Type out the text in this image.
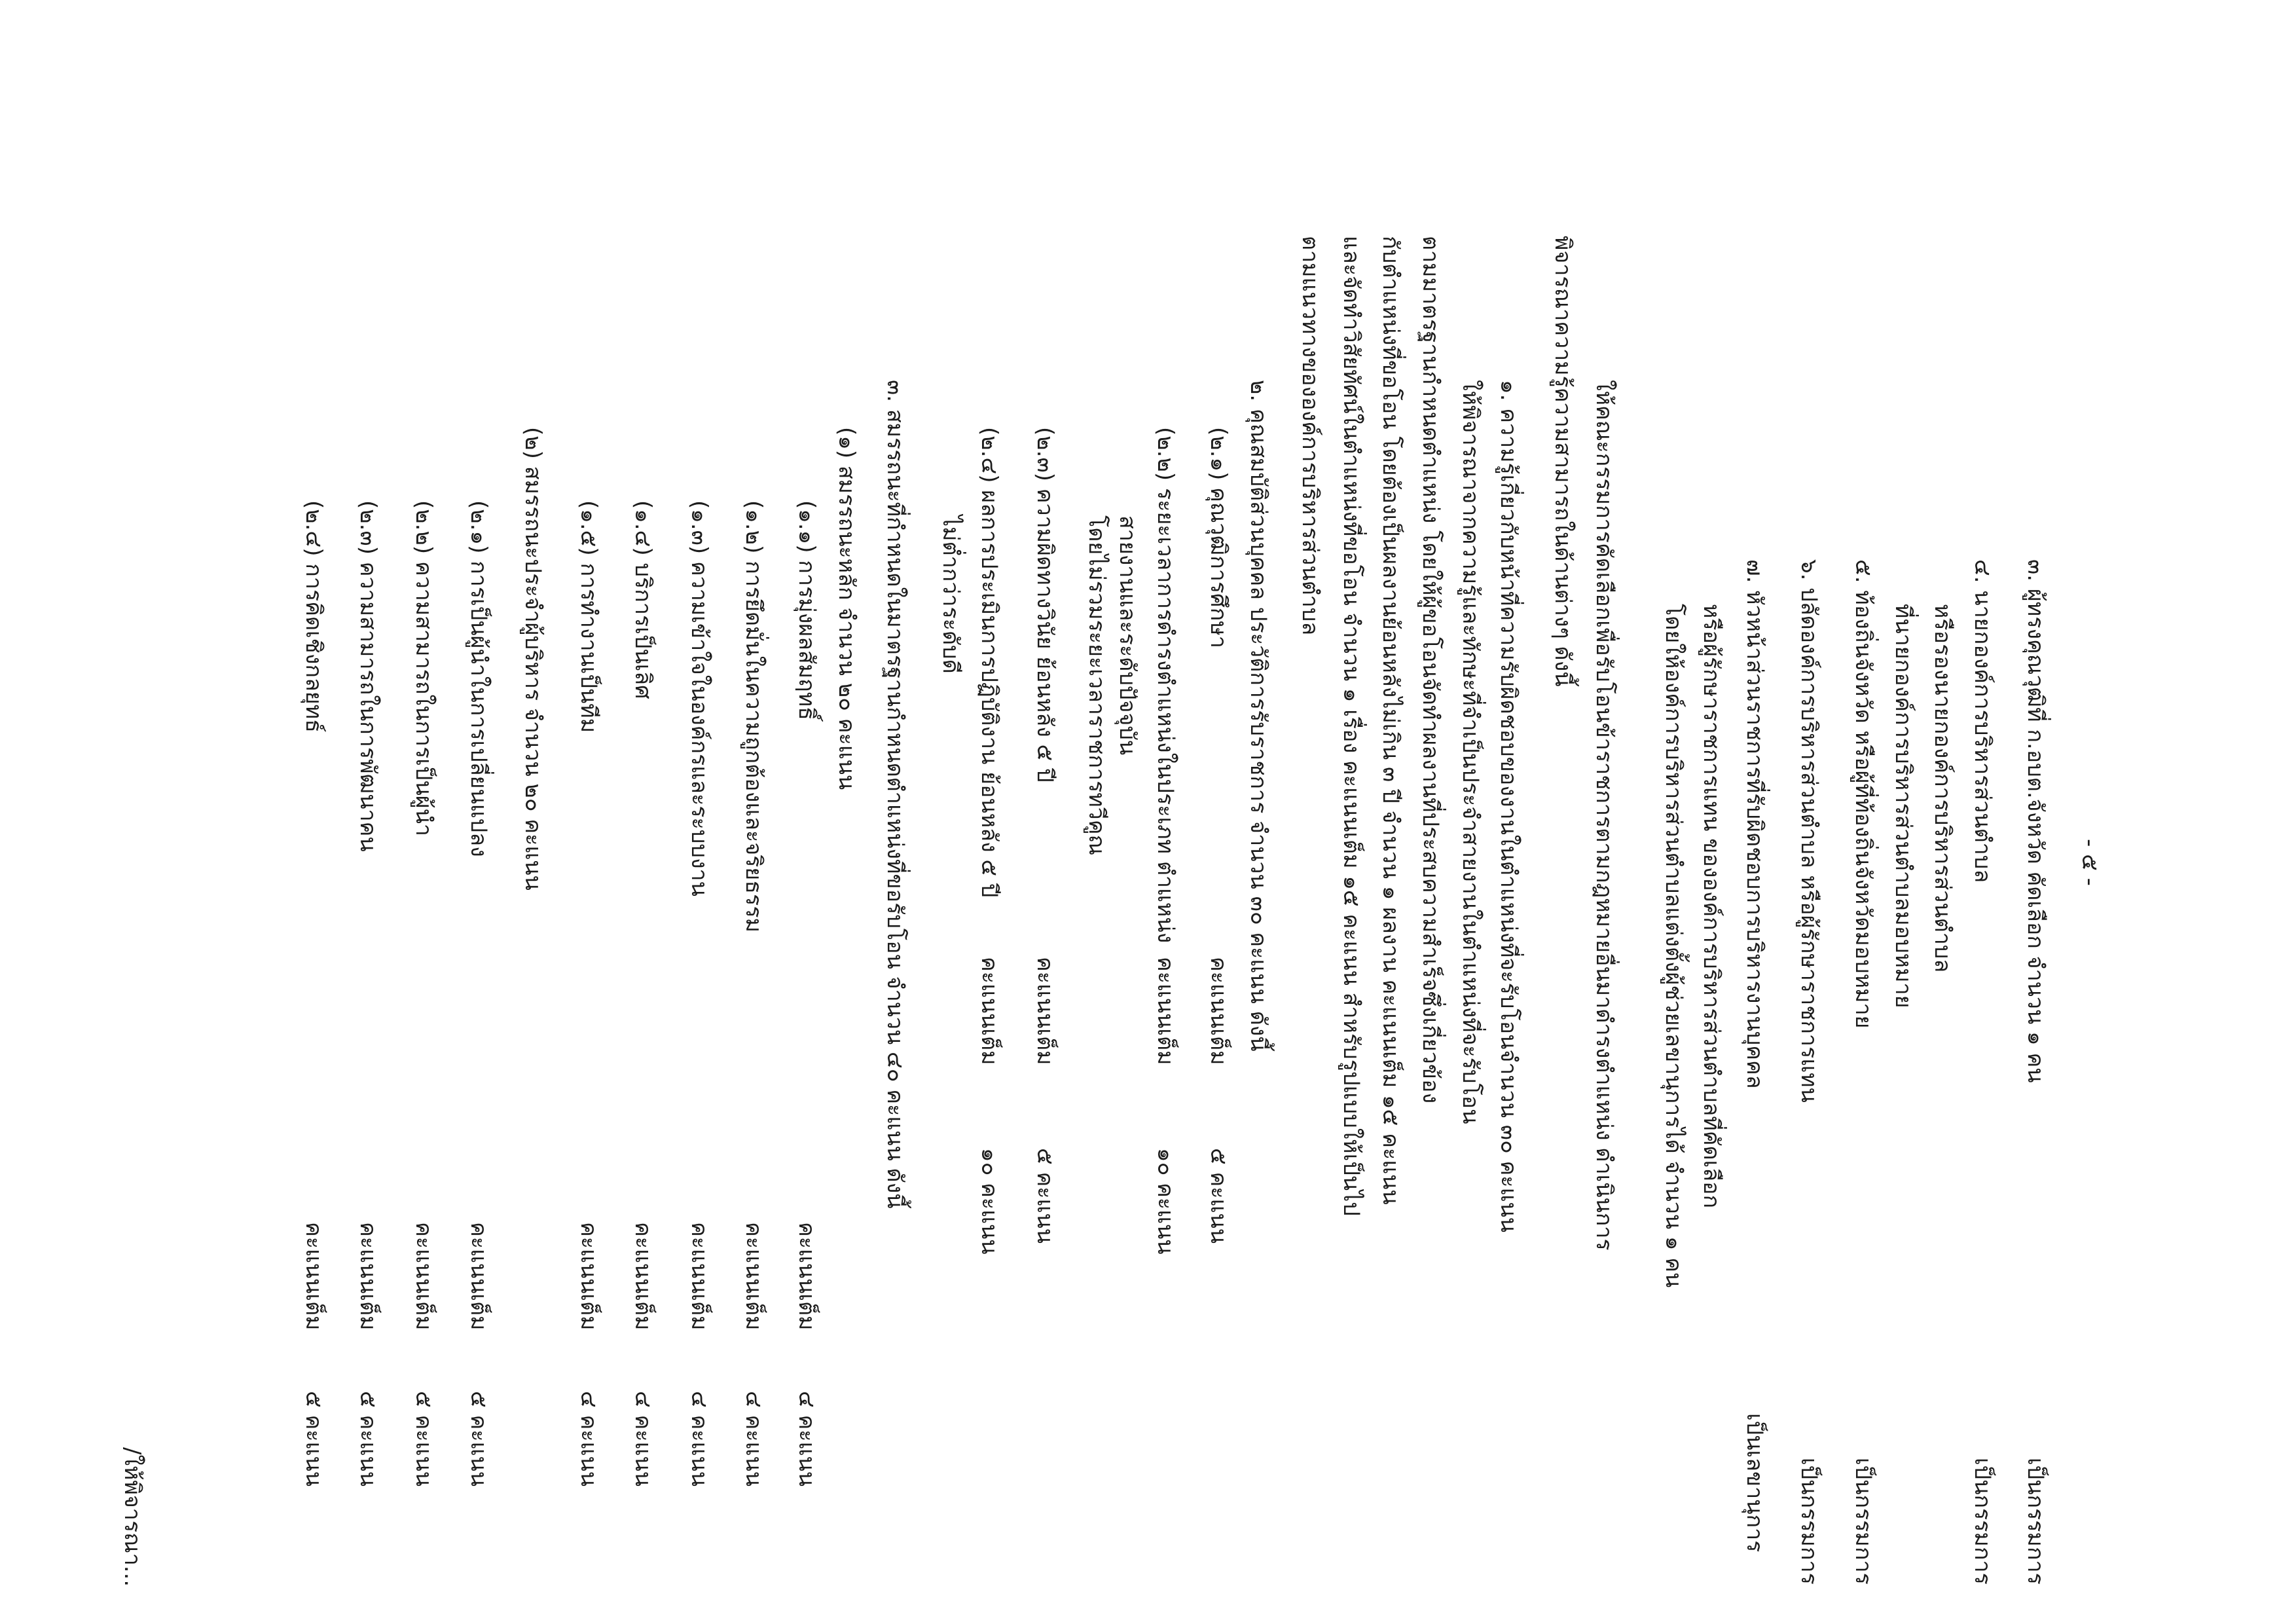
- ๕ -
๓. ผู้ทรงคุณวุฒิที่ ก.อบต.จังหวัด คัดเลือก จำนวน ๑ คน
เป็นกรรมการ
๔. นายกองค์การบริหารส่วนตำบล
เป็นกรรมการ
หรือรองนายกองค์การบริหารส่วนตำบล
ที่นายกองค์การบริหารส่วนตำบลมอบหมาย
๕. ท้องถิ่นจังหวัด หรือผู้ที่ท้องถิ่นจังหวัดมอบหมาย
เป็นกรรมการ
๖. ปลัดองค์การบริหารส่วนตำบล หรือผู้รักษาราชการแทน
เป็นกรรมการ
๗. หัวหน้าส่วนราชการที่รับผิดชอบการบริหารงานบุคคล
เป็นเลขานุการ
หรือผู้รักษาราชการแทน ขององค์การบริหารส่วนตำบลที่คัดเลือก
โดยให้องค์การบริหารส่วนตำบลแต่งตั้งผู้ช่วยเลขานุการได้ จำนวน ๑ คน
ให้คณะกรรมการคัดเลือกเพื่อรับโอนข้าราชการตามกฎหมายอื่นมาดำรงตำแหน่ง ดำเนินการ
พิจารณาความรู้ความสามารถในด้านต่างๆ ดังนี้
๑. ความรู้เกี่ยวกับหน้าที่ความรับผิดชอบของงานในตำแหน่งที่จะรับโอนจำนวน ๓๐ คะแนน
ให้พิจารณาจากความรู้และทักษะที่จำเป็นประจำสายงานในตำแหน่งที่จะรับโอน
ตามมาตรฐานกำหนดตำแหน่ง โดยให้ผู้ขอโอนจัดทำผลงานที่ประสบความสำเร็จซึ่งเกี่ยวข้อง
กับตำแหน่งที่ขอโอน โดยต้องเป็นผลงานย้อนหลังไม่เกิน ๓ ปี จำนวน ๑ ผลงาน คะแนนเต็ม ๑๕ คะแนน
และจัดทำวิสัยทัศน์ในตำแหน่งที่ขอโอน จำนวน ๑ เรื่อง คะแนนเต็ม ๑๕ คะแนน สำหรับรูปแบบให้เป็นไป
ตามแนวทางขององค์การบริหารส่วนตำบล
๒. คุณสมบัติส่วนบุคคล ประวัติการรับราชการ จำนวน ๓๐ คะแนน ดังนี้
(๒.๑) คุณวุฒิการศึกษา
คะแนนเต็ม
๕ คะแนน
(๒.๒) ระยะเวลาการดำรงตำแหน่งในประเภท ตำแหน่ง
คะแนนเต็ม
๑๐ คะแนน
สายงานและระดับปัจจุบัน
โดยไม่รวมระยะเวลาราชการทวีคูณ
(๒.๓) ความผิดทางวินัย ย้อนหลัง ๕ ปี
คะแนนเต็ม
๕ คะแนน
(๒.๔) ผลการประเมินการปฏิบัติงาน ย้อนหลัง ๕ ปี
คะแนนเต็ม
๑๐ คะแนน
ไม่ต่ำกว่าระดับดี
๓. สมรรถนะที่กำหนดในมาตรฐานกำหนดตำแหน่งที่ขอรับโอน จำนวน ๔๐ คะแนน ดังนี้
(๑) สมรรถนะหลัก จำนวน ๒๐ คะแนน
(๑.๑) การมุ่งผลสัมฤทธิ์
คะแนนเต็ม
๔ คะแนน
(๑.๒) การยึดมั่นในความถูกต้องและจริยธรรม
คะแนนเต็ม
๔ คะแนน
(๑.๓) ความเข้าใจในองค์กรและระบบงาน
คะแนนเต็ม
๔ คะแนน
(๑.๔) บริการเป็นเลิศ
คะแนนเต็ม
๔ คะแนน
(๑.๕) การทำงานเป็นทีม
คะแนนเต็ม
๔ คะแนน
(๒) สมรรถนะประจำผู้บริหาร จำนวน ๒๐ คะแนน
(๒.๑) การเป็นผู้นำในการเปลี่ยนแปลง
คะแนนเต็ม
๕ คะแนน
(๒.๒) ความสามารถในการเป็นผู้นำ
คะแนนเต็ม
๕ คะแนน
(๒.๓) ความสามารถในการพัฒนาคน
คะแนนเต็ม
๕ คะแนน
(๒.๔) การคิดเชิงกลยุทธ์
คะแนนเต็ม
๕ คะแนน
/ให้พิจารณา...
